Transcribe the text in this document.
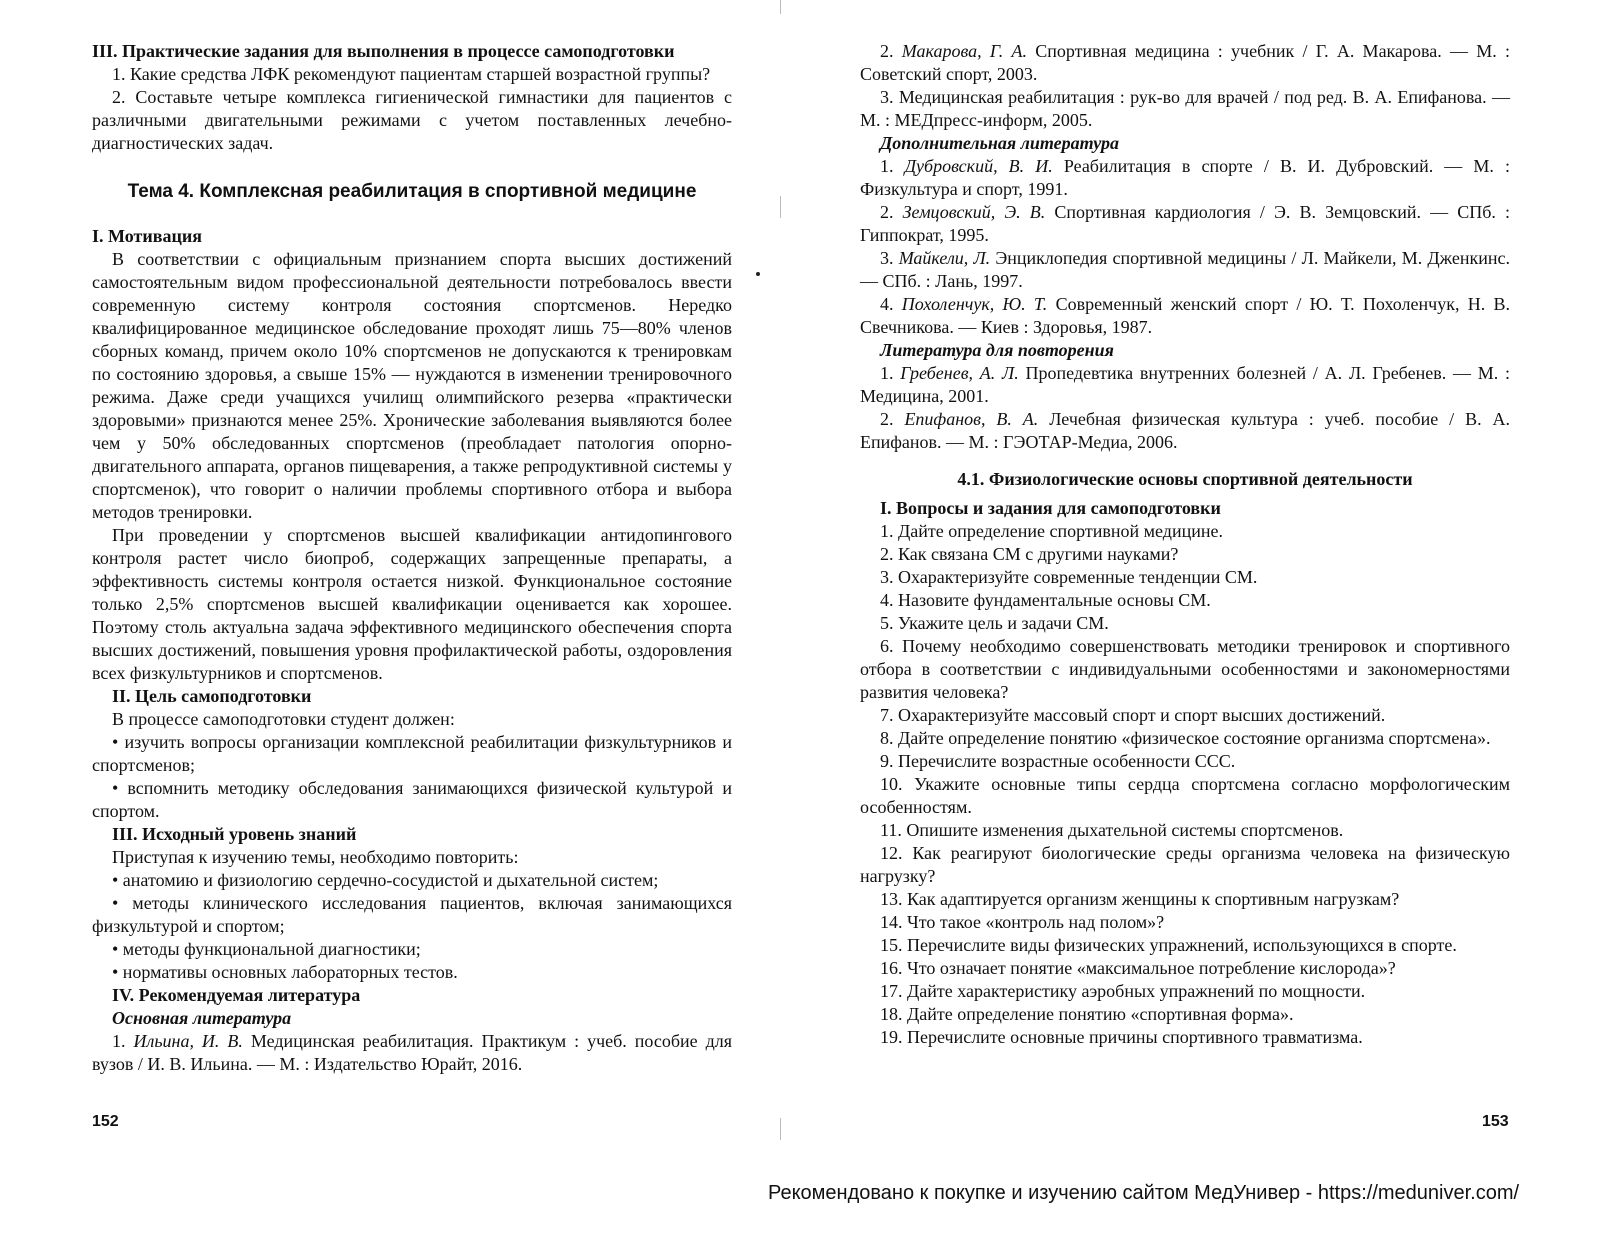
III. Практические задания для выполнения в процессе самоподготовки

1. Какие средства ЛФК рекомендуют пациентам старшей возрастной группы?

2. Составьте четыре комплекса гигиенической гимнастики для пациентов с различными двигательными режимами с учетом поставленных лечебно-диагностических задач.

Тема 4. Комплексная реабилитация в спортивной медицине

I. Мотивация

В соответствии с официальным признанием спорта высших достижений самостоятельным видом профессиональной деятельности потребовалось ввести современную систему контроля состояния спортсменов. Нередко квалифицированное медицинское обследование проходят лишь 75—80% членов сборных команд, причем около 10% спортсменов не допускаются к тренировкам по состоянию здоровья, а свыше 15% — нуждаются в изменении тренировочного режима. Даже среди учащихся училищ олимпийского резерва «практически здоровыми» признаются менее 25%. Хронические заболевания выявляются более чем у 50% обследованных спортсменов (преобладает патология опорно-двигательного аппарата, органов пищеварения, а также репродуктивной системы у спортсменок), что говорит о наличии проблемы спортивного отбора и выбора методов тренировки.

При проведении у спортсменов высшей квалификации антидопингового контроля растет число биопроб, содержащих запрещенные препараты, а эффективность системы контроля остается низкой. Функциональное состояние только 2,5% спортсменов высшей квалификации оценивается как хорошее. Поэтому столь актуальна задача эффективного медицинского обеспечения спорта высших достижений, повышения уровня профилактической работы, оздоровления всех физкультурников и спортсменов.

II. Цель самоподготовки

В процессе самоподготовки студент должен:

• изучить вопросы организации комплексной реабилитации физкультурников и спортсменов;

• вспомнить методику обследования занимающихся физической культурой и спортом.

III. Исходный уровень знаний

Приступая к изучению темы, необходимо повторить:

• анатомию и физиологию сердечно-сосудистой и дыхательной систем;

• методы клинического исследования пациентов, включая занимающихся физкультурой и спортом;

• методы функциональной диагностики;

• нормативы основных лабораторных тестов.

IV. Рекомендуемая литература

Основная литература

1. Ильина, И. В. Медицинская реабилитация. Практикум : учеб. пособие для вузов / И. В. Ильина. — М. : Издательство Юрайт, 2016.

152

2. Макарова, Г. А. Спортивная медицина : учебник / Г. А. Макарова. — М. : Советский спорт, 2003.

3. Медицинская реабилитация : рук-во для врачей / под ред. В. А. Епифанова. — М. : МЕДпресс-информ, 2005.

Дополнительная литература

1. Дубровский, В. И. Реабилитация в спорте / В. И. Дубровский. — М. : Физкультура и спорт, 1991.

2. Земцовский, Э. В. Спортивная кардиология / Э. В. Земцовский. — СПб. : Гиппократ, 1995.

3. Майкели, Л. Энциклопедия спортивной медицины / Л. Майкели, М. Дженкинс. — СПб. : Лань, 1997.

4. Похоленчук, Ю. Т. Современный женский спорт / Ю. Т. Похоленчук, Н. В. Свечникова. — Киев : Здоровья, 1987.

Литература для повторения

1. Гребенев, А. Л. Пропедевтика внутренних болезней / А. Л. Гребенев. — М. : Медицина, 2001.

2. Епифанов, В. А. Лечебная физическая культура : учеб. пособие / В. А. Епифанов. — М. : ГЭОТАР-Медиа, 2006.

4.1. Физиологические основы спортивной деятельности

I. Вопросы и задания для самоподготовки

1. Дайте определение спортивной медицине.

2. Как связана СМ с другими науками?

3. Охарактеризуйте современные тенденции СМ.

4. Назовите фундаментальные основы СМ.

5. Укажите цель и задачи СМ.

6. Почему необходимо совершенствовать методики тренировок и спортивного отбора в соответствии с индивидуальными особенностями и закономерностями развития человека?

7. Охарактеризуйте массовый спорт и спорт высших достижений.

8. Дайте определение понятию «физическое состояние организма спортсмена».

9. Перечислите возрастные особенности ССС.

10. Укажите основные типы сердца спортсмена согласно морфологическим особенностям.

11. Опишите изменения дыхательной системы спортсменов.

12. Как реагируют биологические среды организма человека на физическую нагрузку?

13. Как адаптируется организм женщины к спортивным нагрузкам?

14. Что такое «контроль над полом»?

15. Перечислите виды физических упражнений, использующихся в спорте.

16. Что означает понятие «максимальное потребление кислорода»?

17. Дайте характеристику аэробных упражнений по мощности.

18. Дайте определение понятию «спортивная форма».

19. Перечислите основные причины спортивного травматизма.

153
Рекомендовано к покупке и изучению сайтом МедУнивер - https://meduniver.com/
